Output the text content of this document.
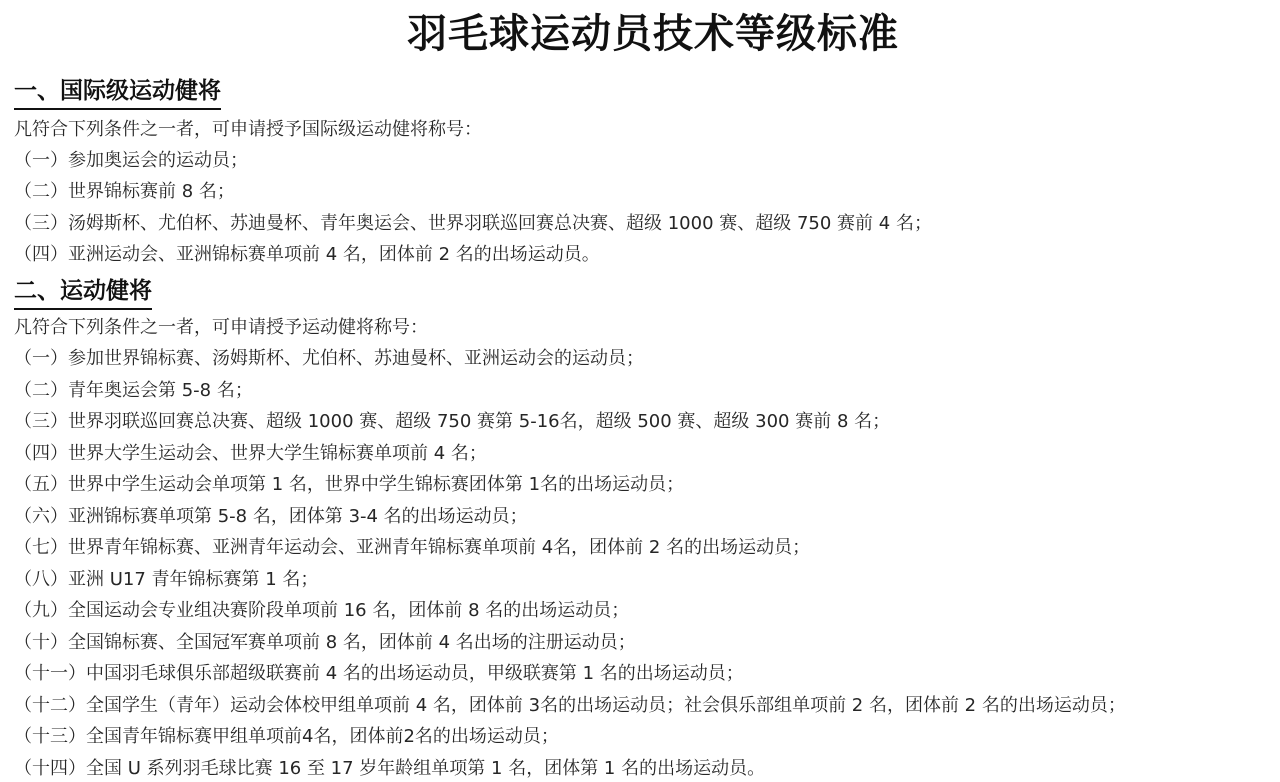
羽毛球运动员技术等级标准
一、国际级运动健将
凡符合下列条件之一者，可申请授予国际级运动健将称号：
（一）参加奥运会的运动员；
（二）世界锦标赛前 8 名；
（三）汤姆斯杯、尤伯杯、苏迪曼杯、青年奥运会、世界羽联巡回赛总决赛、超级 1000 赛、超级 750 赛前 4 名；
（四）亚洲运动会、亚洲锦标赛单项前 4 名，团体前 2 名的出场运动员。
二、运动健将
凡符合下列条件之一者，可申请授予运动健将称号：
（一）参加世界锦标赛、汤姆斯杯、尤伯杯、苏迪曼杯、亚洲运动会的运动员；
（二）青年奥运会第 5-8 名；
（三）世界羽联巡回赛总决赛、超级 1000 赛、超级 750 赛第 5-16名，超级 500 赛、超级 300 赛前 8 名；
（四）世界大学生运动会、世界大学生锦标赛单项前 4 名；
（五）世界中学生运动会单项第 1 名，世界中学生锦标赛团体第 1名的出场运动员；
（六）亚洲锦标赛单项第 5-8 名，团体第 3-4 名的出场运动员；
（七）世界青年锦标赛、亚洲青年运动会、亚洲青年锦标赛单项前 4名，团体前 2 名的出场运动员；
（八）亚洲 U17 青年锦标赛第 1 名；
（九）全国运动会专业组决赛阶段单项前 16 名，团体前 8 名的出场运动员；
（十）全国锦标赛、全国冠军赛单项前 8 名，团体前 4 名出场的注册运动员；
（十一）中国羽毛球俱乐部超级联赛前 4 名的出场运动员，甲级联赛第 1 名的出场运动员；
（十二）全国学生（青年）运动会体校甲组单项前 4 名，团体前 3名的出场运动员；社会俱乐部组单项前 2 名，团体前 2 名的出场运动员；
（十三）全国青年锦标赛甲组单项前4名，团体前2名的出场运动员；
（十四）全国 U 系列羽毛球比赛 16 至 17 岁年龄组单项第 1 名，团体第 1 名的出场运动员。
